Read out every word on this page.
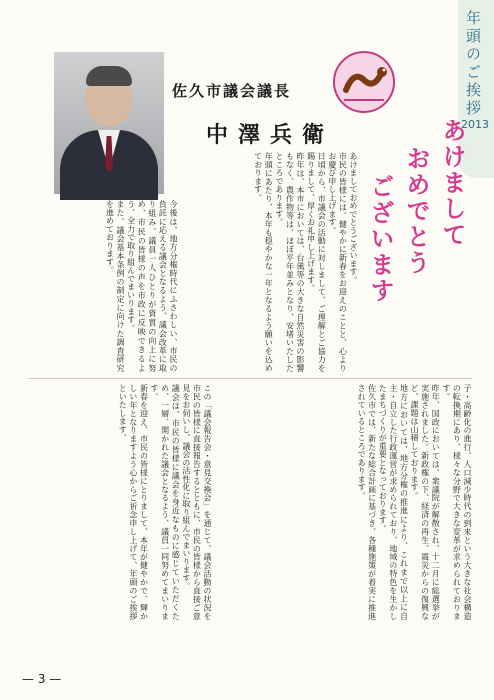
年頭のご挨拶
2013
議 長
佐久市議会議長
中澤兵衛	あけまして
おめでとう
ございます
あけましておめでとうございます。
市民の皆様には、健やかに新春をお迎えのことと、心よりお慶び申し上げます。
日頃から、市議会の活動に対しまして、ご理解とご協力を賜りまして、厚くお礼申し上げます。
昨年は、本市においては、台風等の大きな自然災害の影響もなく、農作物等は、ほぼ平年並みとなり、安堵いたしたところであります。
年頭にあたり、本年も穏やかな一年となるよう願いを込めております。
今後は、地方分権時代にふさわしい、市民の負託に応える議会となるよう、議会改革に取り組み、議員一人ひとりが資質の向上に努め、市民の皆様の声を市政に反映できるよう、全力で取り組んでまいります。
また、議会基本条例の制定に向けた調査研究を進めております。
子・高齢化の進行、人口減少時代の到来という大きな社会構造の転換期にあり、様々な分野で大きな変革が求められております。
昨年、国政においては、衆議院が解散され、十二月に総選挙が実施されました。新政権の下、経済の再生、震災からの復興など、課題は山積しております。
地方においては、地方分権の推進により、これまで以上に自主・自立した行政運営が求められており、地域の特色を生かしたまちづくりが重要となっております。
佐久市では、新たな総合計画に基づき、各種施策が着実に推進されているところであります。
この「議会報告会・意見交換会」を通じて、議会活動の状況を市民の皆様に直接報告するとともに、市民の皆様から直接ご意見をお伺いし、議会の活性化に取り組んでまいります。
議会は、市民の皆様に議会を身近なものに感じていただくため、一層、開かれた議会となるよう、議員一同努めてまいります。
新春を迎え、市民の皆様にとりまして、本年が健やかで、輝かしい年となりますよう心からご祈念申し上げて、年頭のご挨拶といたします。
— 3 —
